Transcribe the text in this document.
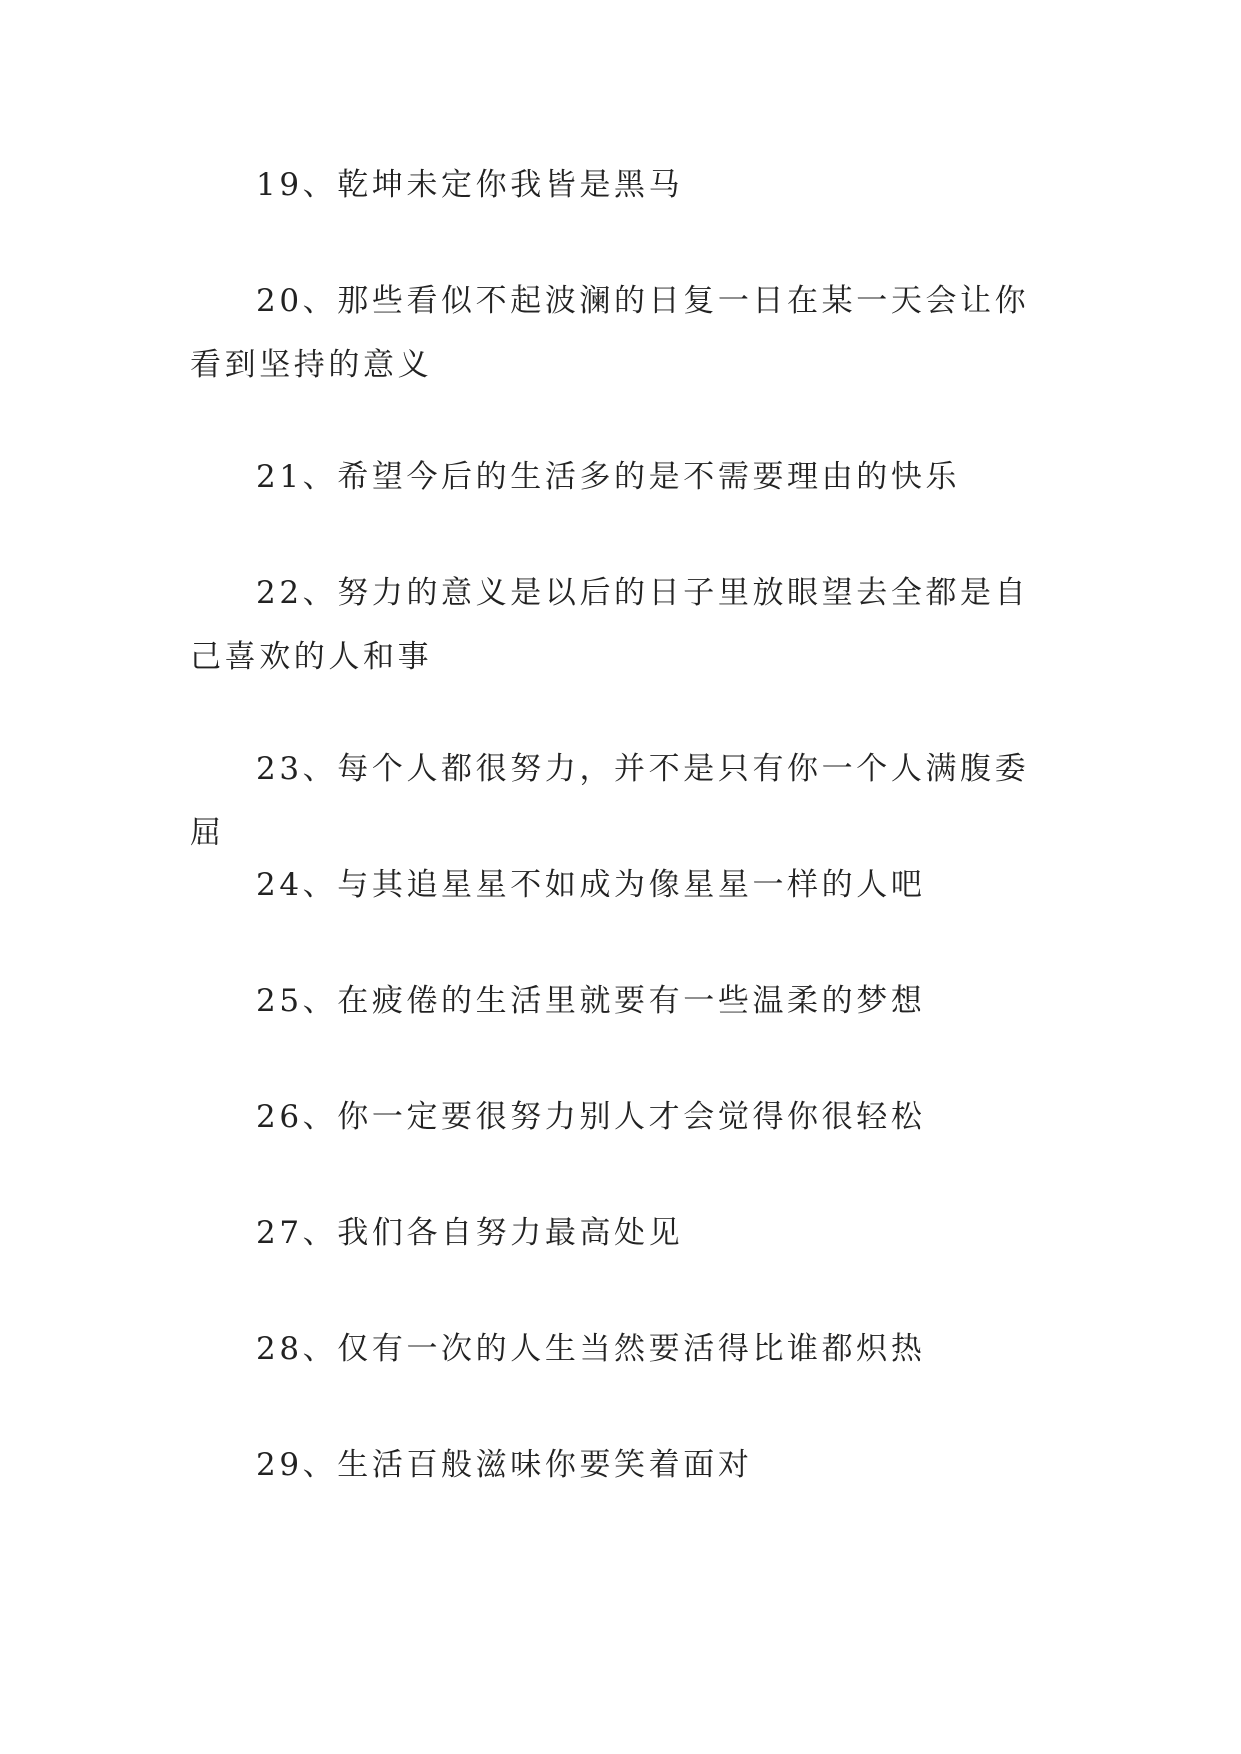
19、乾坤未定你我皆是黑马

20、那些看似不起波澜的日复一日在某一天会让你看到坚持的意义

21、希望今后的生活多的是不需要理由的快乐

22、努力的意义是以后的日子里放眼望去全都是自己喜欢的人和事

23、每个人都很努力，并不是只有你一个人满腹委屈

24、与其追星星不如成为像星星一样的人吧

25、在疲倦的生活里就要有一些温柔的梦想

26、你一定要很努力别人才会觉得你很轻松

27、我们各自努力最高处见

28、仅有一次的人生当然要活得比谁都炽热

29、生活百般滋味你要笑着面对
